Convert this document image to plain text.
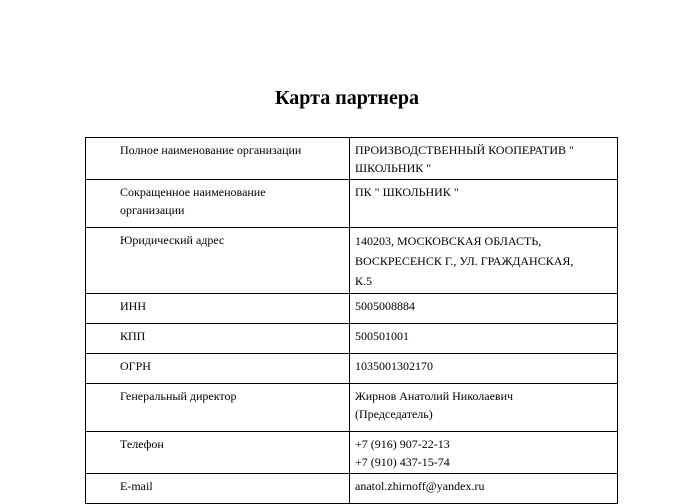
Карта партнера
Полное наименование организации	ПРОИЗВОДСТВЕННЫЙ КООПЕРАТИВ "
ШКОЛЬНИК "

Сокращенное наименование
организации	ПК " ШКОЛЬНИК "

Юридический адрес	140203, МОСКОВСКАЯ ОБЛАСТЬ,
ВОСКРЕСЕНСК Г., УЛ. ГРАЖДАНСКАЯ,
К.5

ИНН	5005008884

КПП	500501001

ОГРН	1035001302170

Генеральный директор	Жирнов Анатолий Николаевич
(Председатель)

Телефон	+7 (916) 907-22-13
+7 (910) 437-15-74

E-mail	anatol.zhirnoff@yandex.ru
